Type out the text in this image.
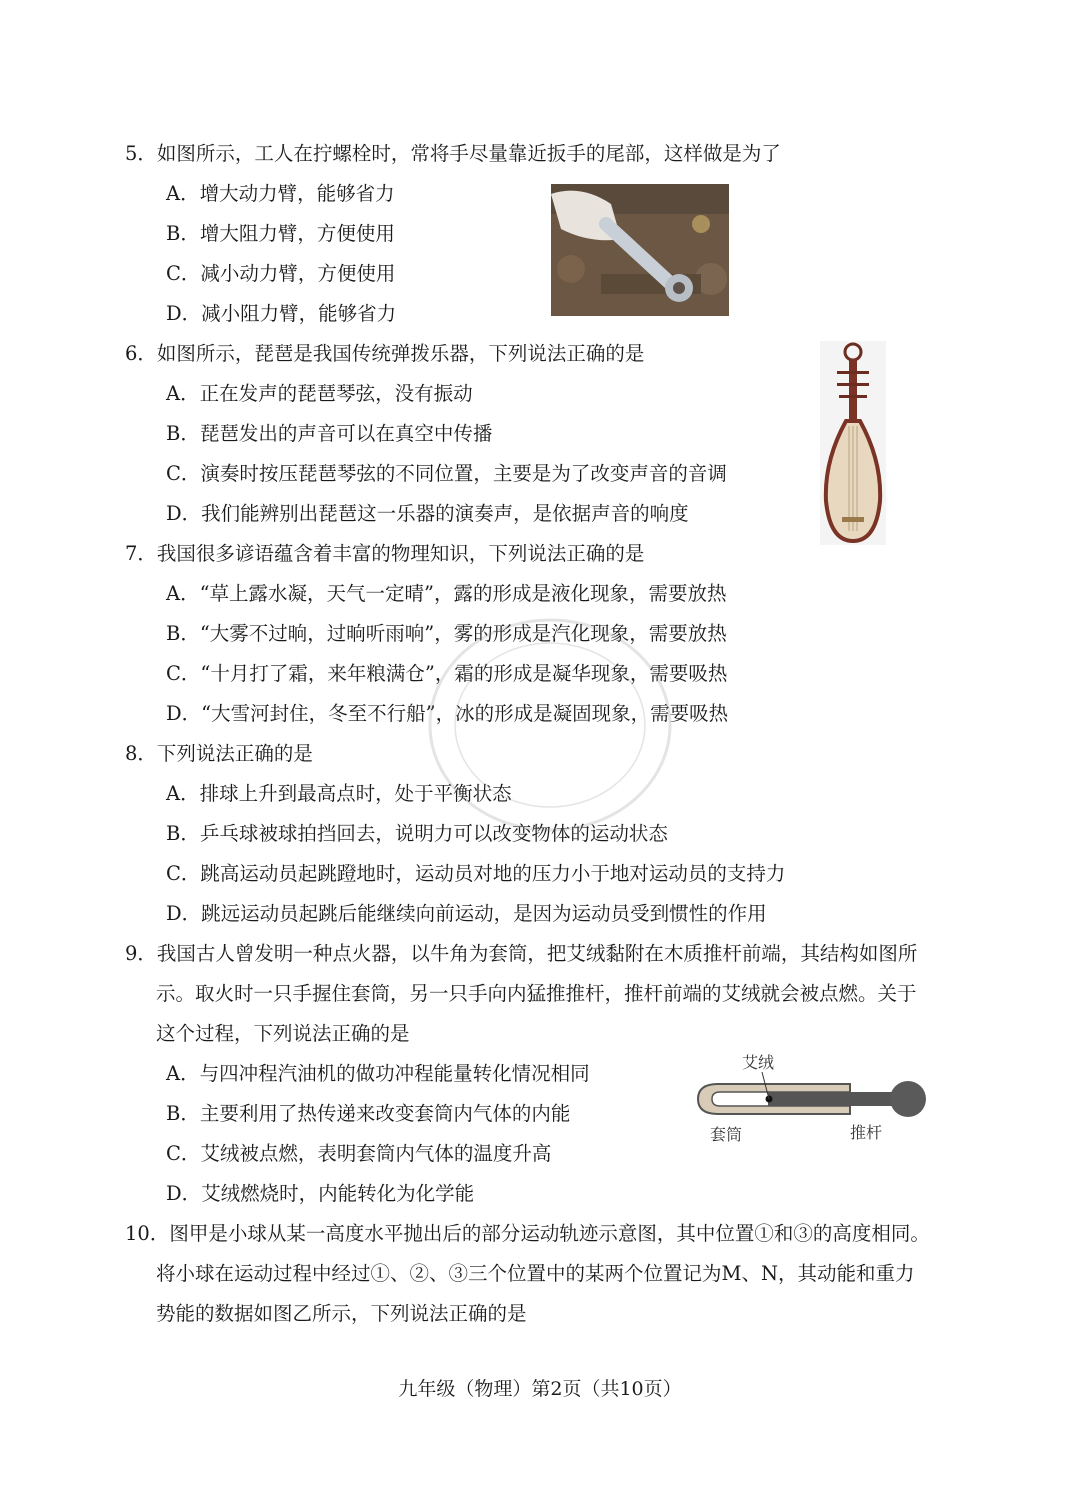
5．如图所示，工人在拧螺栓时，常将手尽量靠近扳手的尾部，这样做是为了
A．增大动力臂，能够省力
B．增大阻力臂，方便使用
C．减小动力臂，方便使用
D．减小阻力臂，能够省力
6．如图所示，琵琶是我国传统弹拨乐器，下列说法正确的是
A．正在发声的琵琶琴弦，没有振动
B．琵琶发出的声音可以在真空中传播
C．演奏时按压琵琶琴弦的不同位置，主要是为了改变声音的音调
D．我们能辨别出琵琶这一乐器的演奏声，是依据声音的响度
7．我国很多谚语蕴含着丰富的物理知识，下列说法正确的是
A．“草上露水凝，天气一定晴”，露的形成是液化现象，需要放热
B．“大雾不过晌，过晌听雨响”，雾的形成是汽化现象，需要放热
C．“十月打了霜，来年粮满仓”，霜的形成是凝华现象，需要吸热
D．“大雪河封住，冬至不行船”，冰的形成是凝固现象，需要吸热
8．下列说法正确的是
A．排球上升到最高点时，处于平衡状态
B．乒乓球被球拍挡回去，说明力可以改变物体的运动状态
C．跳高运动员起跳蹬地时，运动员对地的压力小于地对运动员的支持力
D．跳远运动员起跳后能继续向前运动，是因为运动员受到惯性的作用
9．我国古人曾发明一种点火器，以牛角为套筒，把艾绒黏附在木质推杆前端，其结构如图所
示。取火时一只手握住套筒，另一只手向内猛推推杆，推杆前端的艾绒就会被点燃。关于
这个过程，下列说法正确的是
A．与四冲程汽油机的做功冲程能量转化情况相同
B．主要利用了热传递来改变套筒内气体的内能
C．艾绒被点燃，表明套筒内气体的温度升高
D．艾绒燃烧时，内能转化为化学能
艾绒
套筒	推杆
10．图甲是小球从某一高度水平抛出后的部分运动轨迹示意图，其中位置①和③的高度相同。
将小球在运动过程中经过①、②、③三个位置中的某两个位置记为M、N，其动能和重力
势能的数据如图乙所示，下列说法正确的是
九年级（物理）第2页（共10页）
